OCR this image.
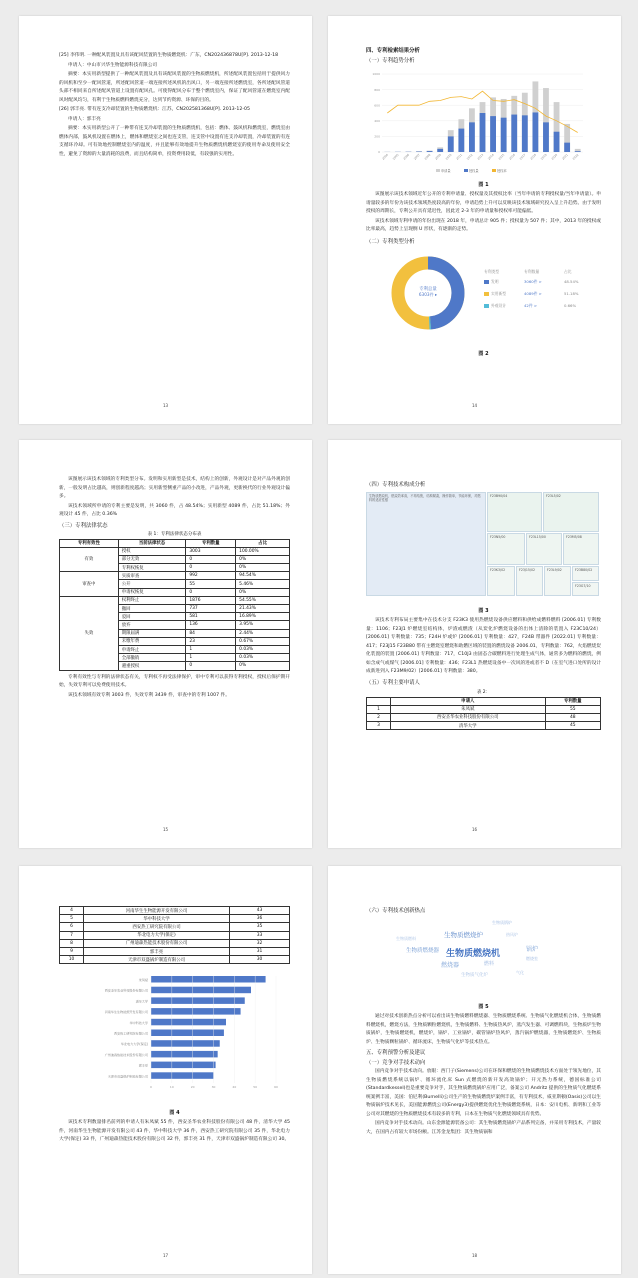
[25] 李伟明. 一种配风装置及具有该配风装置的生物质燃烧机：广东，CN202436878U[P]. 2013-12-18

申请人：中山市兴华生物能源科技有限公司

摘要：本实用新型提供了一种配风装置及具有该配风装置的生物质燃烧机，所述配风装置包括用于提供风力的风机和至少一配风管道，所述配风管道一端连接所述风机的出风口，另一端连接所述燃烧室，各所述配风管道头部不相同来自所述配风管道上设置有配风孔。可使得配风分布于整个燃烧室内，保证了配风管道在燃烧室内配风时配风均匀，有利于生物质燃料燃烧充分，达到节约资源、环保的目的。

[26] 郭丰亮. 带有连支冷却装置的生物质燃烧机：江苏，CN202581368U[P]. 2013-12-05

申请人：郭丰亮

摘要：本实用新型公开了一种带有连支冷却装置的生物质燃烧机，包括：燃体、鼓风机和燃烧室，燃烧室由燃体内部，鼓风机设置在燃体上，燃体和燃烧室之间也连支管，连支管中设置有连支冷却装置，冷却装置的有连支循环冷却。可有效地控制燃烧室内的温度，并且能够有效地提升生物质燃烧机燃烧室的使用寿命及使用安全性，避免了资源的大量消耗的浪费，而且结构简单，投资费用较低，有较强的实用性。

13
四、专利检索结果分析
（一）专利趋势分析
0
200
400
600
800
1000
2004 2005 2006 2007 2008 2009 2010 2011 2012 2013 2014 2015 2016 2017 2018 2019 2020 2021 2022
申请量	授权量	授权率
图 1

该图展示该技术领域近年公开的专利申请量、授权量及其授权比率（当年申请的专利授权量/当年申请量）。申请量较多的年份为该技术领域热度较高的年份，申请趋势上升可以反映该技术领域研究投入呈上升趋势。由于发明授权的周期长，专利公开具有延迟性，因此近 2-3 年的申请量和授权率可能偏低。

该技术领域专利申请的年份出现在 2018 年，申请总计 905 件；授权量为 507 件；其中，2013 年的授权或比率最高，趋势上呈现倒 U 形状，有逐渐的走势。

（二）专利类型分析
专利总量
6303件 ▸
专利类型	专利数量	占比
发明	3060件 >	48.54%
实用新型	4089件 >	51.18%
外观设计	42件 >	0.66%
图 2
14

该图展示该技术领域的专利类型分布。发明和实用新型是技术，结构上的创新，外观设计是对产品外观的创新，一般发明占比越高，则创新程度越高；实用新型侧重产品的小改进，产品外观，更新换代的行业外观设计偏多。

该技术领域所申请的专利主要是发明，共 3060 件，占 48.54%；实用新型 4089 件，占比 51.18%；外观设计 45 件，占比 0.36%

（三）专利法律状态
表 1：专利法律状态分布表
专利有效性	当前法律状态	专利数量	占比
有效	授权	3003	100.00%
	部分无效	0	0%
	专利权恢复	0	0%
审查中	实质审查	992	94.54%
	公开	55	5.46%
	申请权恢复	0	0%
失效	权利终止	1876	54.55%
	撤回	737	21.43%
	驳回	581	16.89%
	放弃	136	3.95%
	期限届满	84	2.44%
	未缴年费	23	0.67%
	申请终止	1	0.03%
	全部撤销	1	0.03%
	避重授权	0	0%

专利有效性与专利的法律状态有关，专利权不再受法律保护，审中专利可以获得专利授权，授权后保护期开始，失效专利可以免费使用技术。

该技术领域有效专利 3003 件，失效专利 3439 件，审查中的专利 1007 件。

15
（四）专利技术构成分析
生物质燃烧机，燃烧效率高，不易结焦，结构紧凑，操作简单，节能环保，对燃料的适应性强
F23B90/04	F23L5/02
F23N5/00	F23L15/00	F23M5/08
F23K3/02	F23J15/02	F23L9/02	F23B80/02
F23G7/10
图 3

该技术专利布局主要集中在技术分支 F23K3 使用热燃烧设备供应燃料和供给成燃料燃料 [2006.01] 专利数量：1106；F23J1 炉燃烧室结构体，炉渣或燃渣（从炭化炉燃烧设备的出体上清除的装置入 F23C10/24）[2006.01] 专利数量：735；F24H 炉或炉 [2006.01] 专利数量：427，F24B 带器件 [2022.01] 专利数量：417；F23J15 F23B80 带有主燃烧室燃烧和助燃区域的装置的燃烧设备 2006.01，专利数量：762，火焰燃烧炭化装置的装置 [2006.01] 专利数量：717，C10J3 由固态合碳燃料进行处理生成气体，通常多为燃料的燃烧，例如含成气或煤气 [2006.01] 专利数量：436；F23L1 热燃烧设备中一次风的进或者不 D（在室气进口处所的设计成新进到入 F23M9/02）[2006.01] 专利数量：380。

（五）专利主要申请人
表 2：
	申请人	专利数量
1	朱凤斌	55
2	西安圣华农业科技股份有限公司	48
3	清华大学	45
16
4	河南华生生物能源开发有限公司	43
5	华中科技大学	36
6	西安热工研究院有限公司	35
7	华北电力大学(保定)	33
8	广州迪森热能技术股份有限公司	32
9	郭丰亮	31
10	天津市双盛锅炉制造有限公司	30
朱凤斌
西安圣华农业科技股份有限公司
清华大学
河南华生生物能源开发有限公司
华中科技大学
西安热工研究院有限公司
华北电力大学(保定)
广州迪森热能技术股份有限公司
郭丰亮
天津市双盛锅炉制造有限公司
0	10	20	30	40	50	60
图 4

该技术专利数量排名前列的申请人有朱凤斌 55 件，西安圣华农业科技股份有限公司 48 件，清华大学 45 件，河南华生生物能源开发有限公司 43 件，华中科技大学 36 件，西安热工研究院有限公司 35 件，华北电力大学(保定) 33 件，广州迪森热能技术股份有限公司 32 件，郭丰亮 31 件，天津市双盛锅炉制造有限公司 30。

17
（六）专利技术创新热点
生物质燃烧机
生物质燃烧炉
燃烧器
锅炉
燃料
生物质燃烧器
生物质锅炉
燃烧室
生物质燃料
生物质气化炉
热风炉
气化
图 5

通过对技术创新热点分析可以看出该生物质燃料燃烧器、生物质燃烧系统、生物质气化燃烧机合体，生物质燃料燃烧机，燃烧方法，生物质颗粒燃烧机，生物质燃料、生物质热风炉，蒸汽发生器、可调燃料块，生物质炉生物质锅炉，生物质燃烧机，燃烧炉，锅炉、工业锅炉，碳管锅炉热风炉，蒸汽锅炉燃烧器，生物质燃烧炉、生物质炉、生物质颗粒锅炉、循环流床，生物质气化炉等技术热点。

五、专利预警分析及建议
（一）竞争对手技术动向

国内竞争对手技术动向。放眼：西门子(Siemens)公司在环保和燃烧的生物质燃烧技术方面处于领先地位，其生物质燃烧系统以锅炉、循环流化床 Sun 式燃烧的新开发高效锅炉；开元热力系统，德国标准公司(Standardkessel)也是重要竞争对手，其生物质燃烧锅炉应用广泛，备案公司 Andritz 提供的生物质气化燃烧系统案例丰富，美国：伯尼利(Burnelli)公司生产的生物质燃烧炉案例丰富，有专利技术，威亚斯顿(Oasis)公司以生物质锅炉技术见长，美国能源燃烧公司(Energy3)提供燃烧优化生物质燃烧系统，日本：安川电机、新明和工业等公司对其燃烧的生物质燃烧技术有较多的专利，日本在生物质气化燃烧领域具有优势。

国内竞争对手技术动向。山东金源能源装备公司：其生物质燃烧锅炉产品系列完备，并采用专利技术，产量较大，在国内占有较大市场份额。江苏金龙集团：其生物质锅和

18
